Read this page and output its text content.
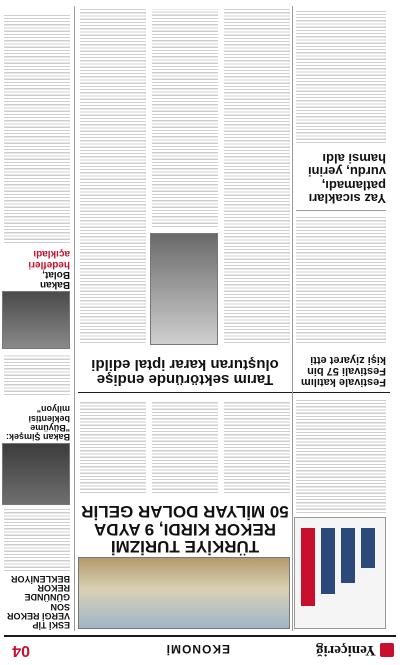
Yeniçeriğ
EKONOMİ
04
ESKİ TİP
VERGİ REKOR
SON GÜNÜNDE
REKOR
BEKLENİYOR
Bakan Şimşek:
"Büyüme
beklentisi
milyon"
Bakan
Bolat,
hedefleri açıkladı
TÜRKİYE TURİZMİ
REKOR KIRDI, 9 AYDA
50 MİLYAR DOLAR GELİR
Tarım sektöründe endişe
oluşturan karar iptal edildi
Festivale katılım
Festivali 57 bin
kişi ziyaret etti
Yaz sıcakları
patlamadı,
vurdu, yerini
hamsi aldı
